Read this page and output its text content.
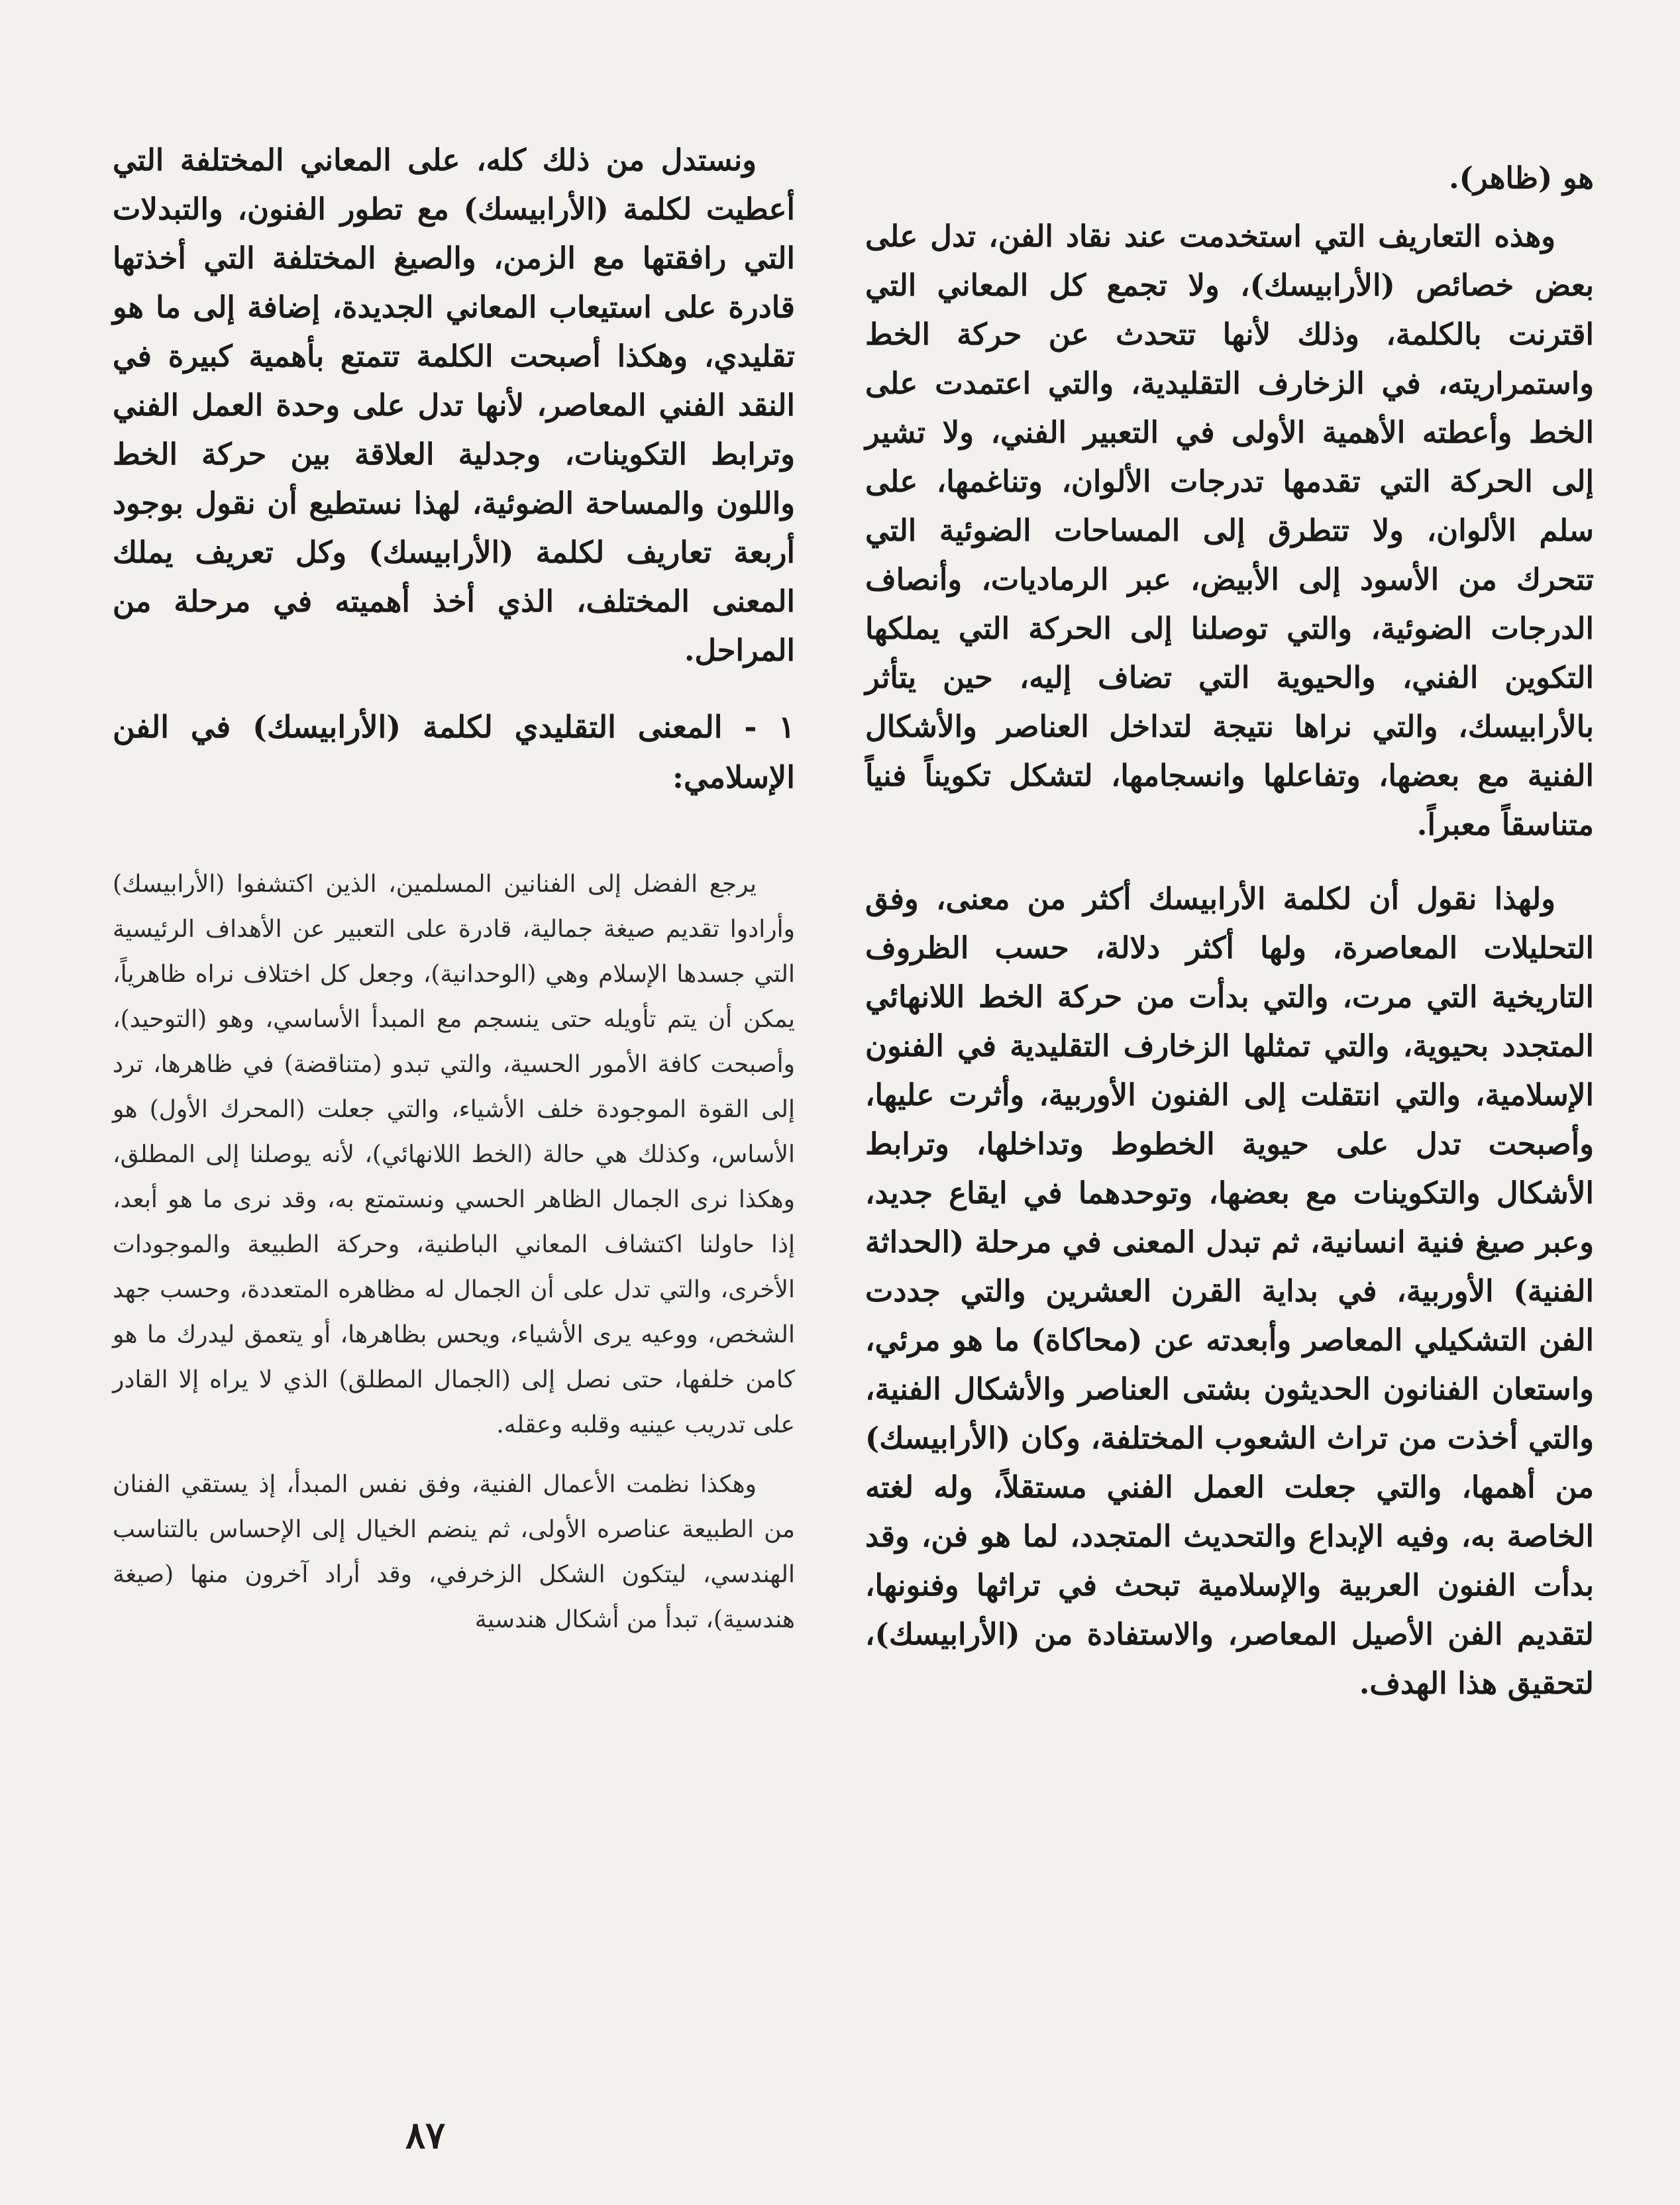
هو (ظاهر).

وهذه التعاريف التي استخدمت عند نقاد الفن، تدل على بعض خصائص (الأرابيسك)، ولا تجمع كل المعاني التي اقترنت بالكلمة، وذلك لأنها تتحدث عن حركة الخط واستمراريته، في الزخارف التقليدية، والتي اعتمدت على الخط وأعطته الأهمية الأولى في التعبير الفني، ولا تشير إلى الحركة التي تقدمها تدرجات الألوان، وتناغمها، على سلم الألوان، ولا تتطرق إلى المساحات الضوئية التي تتحرك من الأسود إلى الأبيض، عبر الرماديات، وأنصاف الدرجات الضوئية، والتي توصلنا إلى الحركة التي يملكها التكوين الفني، والحيوية التي تضاف إليه، حين يتأثر بالأرابيسك، والتي نراها نتيجة لتداخل العناصر والأشكال الفنية مع بعضها، وتفاعلها وانسجامها، لتشكل تكويناً فنياً متناسقاً معبراً.

ولهذا نقول أن لكلمة الأرابيسك أكثر من معنى، وفق التحليلات المعاصرة، ولها أكثر دلالة، حسب الظروف التاريخية التي مرت، والتي بدأت من حركة الخط اللانهائي المتجدد بحيوية، والتي تمثلها الزخارف التقليدية في الفنون الإسلامية، والتي انتقلت إلى الفنون الأوربية، وأثرت عليها، وأصبحت تدل على حيوية الخطوط وتداخلها، وترابط الأشكال والتكوينات مع بعضها، وتوحدهما في ايقاع جديد، وعبر صيغ فنية انسانية، ثم تبدل المعنى في مرحلة (الحداثة الفنية) الأوربية، في بداية القرن العشرين والتي جددت الفن التشكيلي المعاصر وأبعدته عن (محاكاة) ما هو مرئي، واستعان الفنانون الحديثون بشتى العناصر والأشكال الفنية، والتي أخذت من تراث الشعوب المختلفة، وكان (الأرابيسك) من أهمها، والتي جعلت العمل الفني مستقلاً، وله لغته الخاصة به، وفيه الإبداع والتحديث المتجدد، لما هو فن، وقد بدأت الفنون العربية والإسلامية تبحث في تراثها وفنونها، لتقديم الفن الأصيل المعاصر، والاستفادة من (الأرابيسك)، لتحقيق هذا الهدف.

ونستدل من ذلك كله، على المعاني المختلفة التي أعطيت لكلمة (الأرابيسك) مع تطور الفنون، والتبدلات التي رافقتها مع الزمن، والصيغ المختلفة التي أخذتها قادرة على استيعاب المعاني الجديدة، إضافة إلى ما هو تقليدي، وهكذا أصبحت الكلمة تتمتع بأهمية كبيرة في النقد الفني المعاصر، لأنها تدل على وحدة العمل الفني وترابط التكوينات، وجدلية العلاقة بين حركة الخط واللون والمساحة الضوئية، لهذا نستطيع أن نقول بوجود أربعة تعاريف لكلمة (الأرابيسك) وكل تعريف يملك المعنى المختلف، الذي أخذ أهميته في مرحلة من المراحل.

١ - المعنى التقليدي لكلمة (الأرابيسك) في الفن الإسلامي:

يرجع الفضل إلى الفنانين المسلمين، الذين اكتشفوا (الأرابيسك) وأرادوا تقديم صيغة جمالية، قادرة على التعبير عن الأهداف الرئيسية التي جسدها الإسلام وهي (الوحدانية)، وجعل كل اختلاف نراه ظاهرياً، يمكن أن يتم تأويله حتى ينسجم مع المبدأ الأساسي، وهو (التوحيد)، وأصبحت كافة الأمور الحسية، والتي تبدو (متناقضة) في ظاهرها، ترد إلى القوة الموجودة خلف الأشياء، والتي جعلت (المحرك الأول) هو الأساس، وكذلك هي حالة (الخط اللانهائي)، لأنه يوصلنا إلى المطلق، وهكذا نرى الجمال الظاهر الحسي ونستمتع به، وقد نرى ما هو أبعد، إذا حاولنا اكتشاف المعاني الباطنية، وحركة الطبيعة والموجودات الأخرى، والتي تدل على أن الجمال له مظاهره المتعددة، وحسب جهد الشخص، ووعيه يرى الأشياء، ويحس بظاهرها، أو يتعمق ليدرك ما هو كامن خلفها، حتى نصل إلى (الجمال المطلق) الذي لا يراه إلا القادر على تدريب عينيه وقلبه وعقله.

وهكذا نظمت الأعمال الفنية، وفق نفس المبدأ، إذ يستقي الفنان من الطبيعة عناصره الأولى، ثم ينضم الخيال إلى الإحساس بالتناسب الهندسي، ليتكون الشكل الزخرفي، وقد أراد آخرون منها (صيغة هندسية)، تبدأ من أشكال هندسية

٨٧
